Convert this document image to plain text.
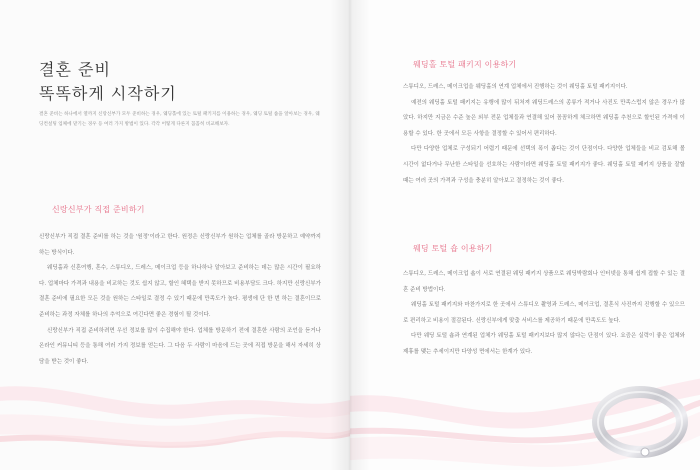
결혼 준비
똑똑하게 시작하기

결혼 준비는 하나에서 열까지 신랑신부가 모두 준비하는 경우, 웨딩홀에 있는 토털 패키지를 이용하는 경우, 웨딩 토털 숍을 알아보는 경우, 웨딩컨설팅 업체에 맡기는 경우 등 여러 가지 방법이 있다. 각각 어떻게 다른지 꼼꼼히 비교해보자.

신랑신부가 직접 준비하기

신랑신부가 직접 결혼 준비를 하는 것을 '원정'이라고 한다. 원정은 신랑신부가 원하는 업체를 골라 방문하고 예약까지 하는 방식이다.

웨딩홀과 신혼여행, 혼수, 스튜디오, 드레스, 메이크업 등을 하나하나 알아보고 준비하는 데는 많은 시간이 필요하다. 업체마다 가격과 내용을 비교하는 것도 쉽지 않고, 할인 혜택을 받지 못하므로 비용부담도 크다. 하지만 신랑신부가 결혼 준비에 필요한 모든 것을 원하는 스타일로 결정 수 있기 때문에 만족도가 높다. 평생에 단 한 번 하는 결혼이므로 준비하는 과정 자체를 하나의 추억으로 여긴다면 좋은 경험이 될 것이다.

신랑신부가 직접 준비하려면 우선 정보를 많이 수집해야 한다. 업체를 방문하기 전에 결혼한 사람의 조언을 듣거나 온라인 커뮤니티 등을 통해 여러 가지 정보를 얻는다. 그 다음 두 사람이 마음에 드는 곳에 직접 방문을 해서 자세히 상담을 받는 것이 좋다.

웨딩홀 토털 패키지 이용하기

스튜디오, 드레스, 메이크업을 웨딩홀의 연계 업체에서 진행하는 것이 웨딩홀 토털 패키지이다.

예전의 웨딩홀 토털 패키지는 유행에 많이 뒤처져 웨딩드레스의 종류가 적거나 사진도 만족스럽지 않은 경우가 많았다. 하지만 지금은 수준 높은 외부 전문 업체들과 연결해 있어 꼼꼼하게 체크하면 웨딩홀 추천으로 할인된 가격에 이용할 수 있다. 한 곳에서 모든 사항을 결정할 수 있어서 편리하다.

다만 다양한 업체로 구성되기 어렵기 때문에 선택의 폭이 좁다는 것이 단점이다. 다양한 업체들을 비교 검토해 볼 시간이 없다거나 무난한 스타일을 선호하는 사람이라면 웨딩홀 토털 패키지가 좋다. 웨딩홀 토털 패키지 상품을 잘할 때는 여러 곳의 가격과 구성을 충분히 알아보고 결정하는 것이 좋다.

웨딩 토털 숍 이용하기

스튜디오, 드레스, 메이크업 숍이 서로 연결된 웨딩 패키지 상품으로 웨딩박람회나 인터넷을 통해 쉽게 접할 수 있는 결혼 준비 방법이다.

웨딩홀 토털 패키지와 마찬가지로 한 곳에서 스튜디오 촬영과 드레스, 메이크업, 결혼식 사진까지 진행할 수 있으므로 편리하고 비용이 절감된다. 신랑신부에게 맞춤 서비스를 제공하기 때문에 만족도도 높다.

다만 웨딩 토털 숍과 연계된 업체가 웨딩홀 토털 패키지보다 많지 않다는 단점이 있다. 요즘은 실력이 좋은 업체와 제휴를 맺는 추세이지만 다양성 면에서는 한계가 있다.
